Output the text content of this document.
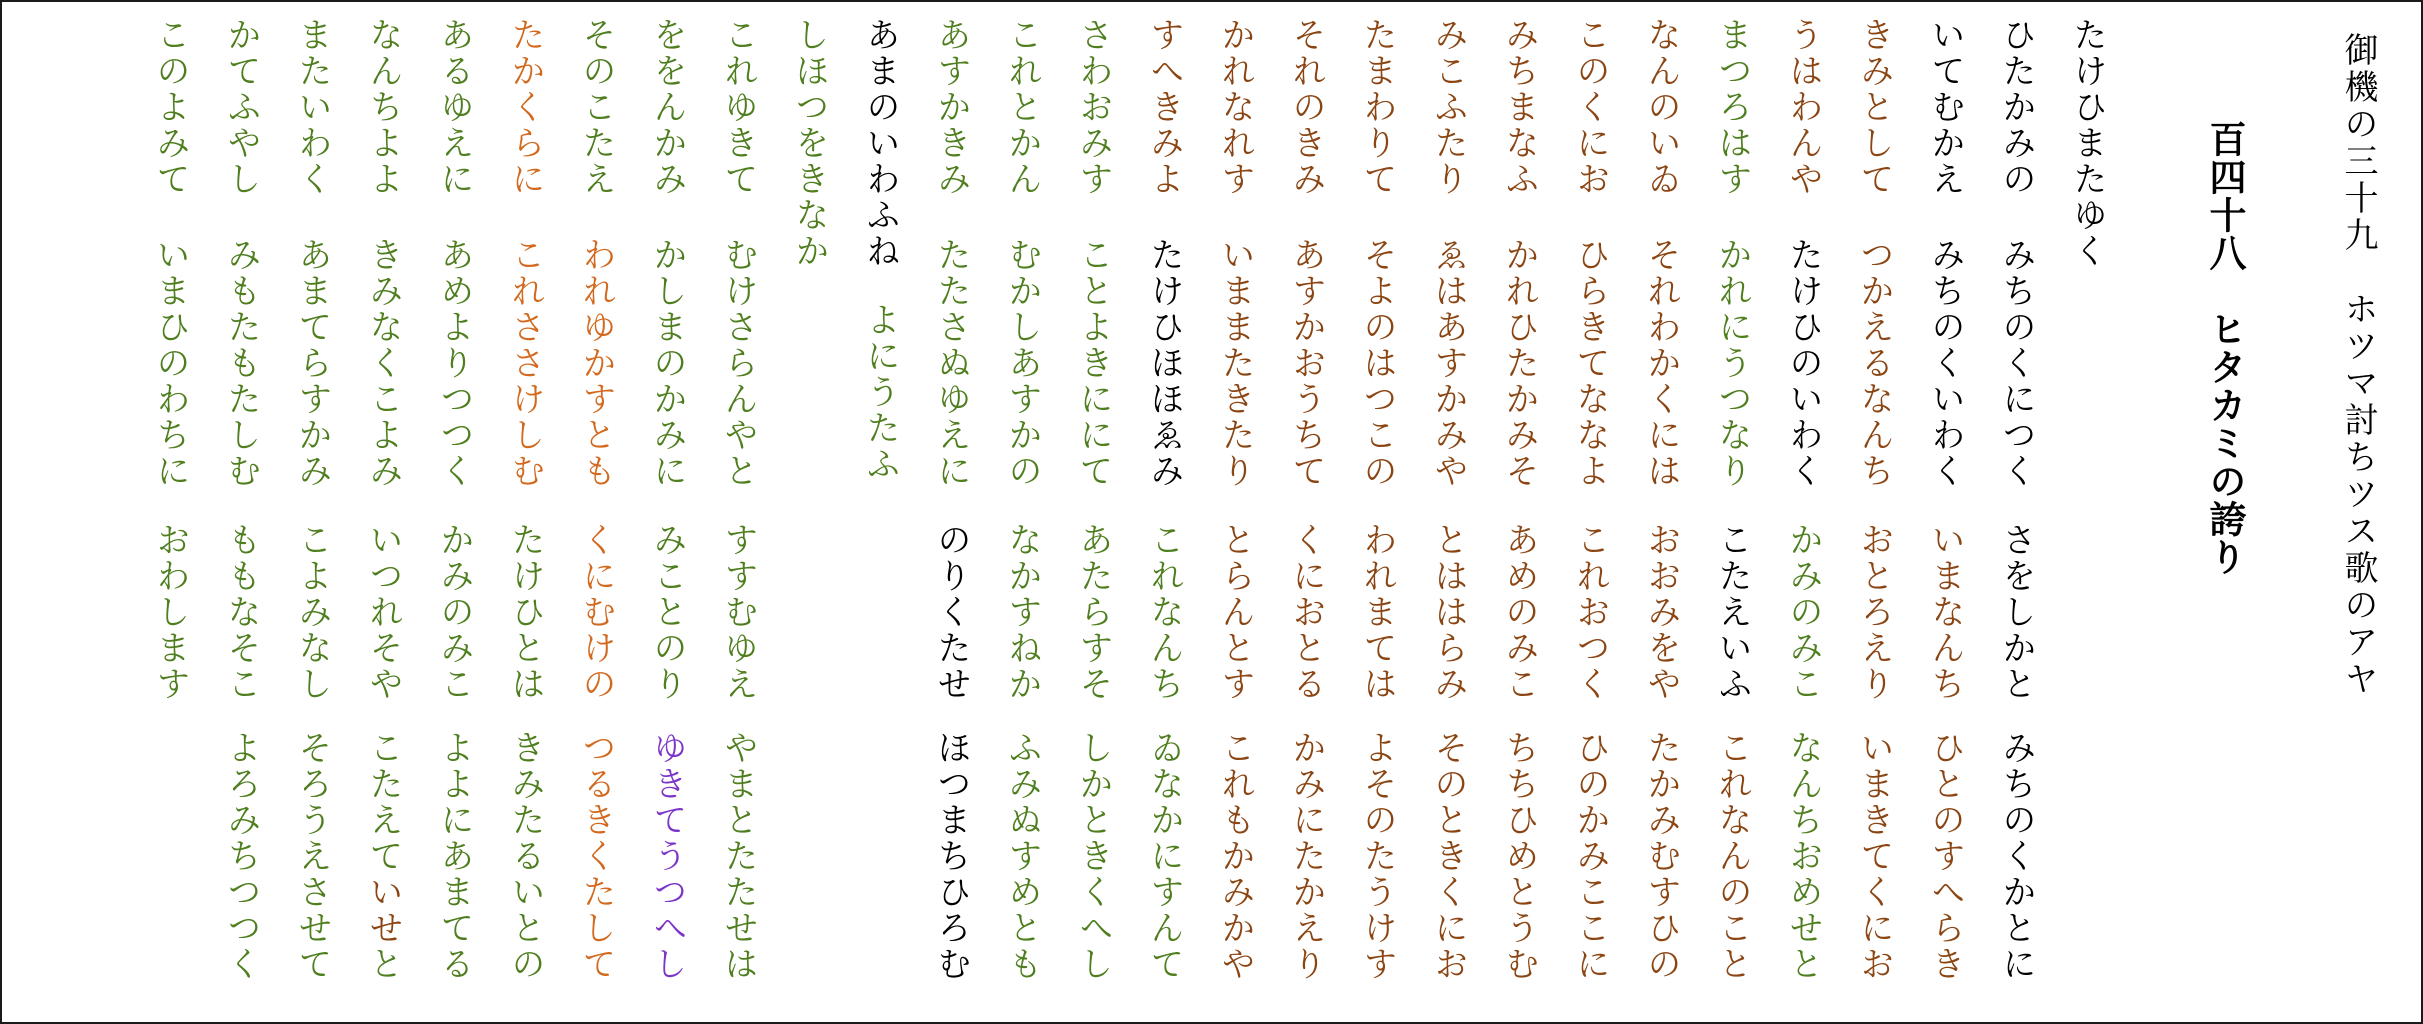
御機の三十九　ホツマ討ちツス歌のアヤ
百四十八　ヒタカミの誇り
たけひまたゆく
ひたかみの
みちのくにつく
さをしかと
みちのくかとに
いてむかえ
みちのくいわく
いまなんち
ひとのすへらき
きみとして
つかえるなんち
おとろえり
いまきてくにお
うはわんや
たけひのいわく
かみのみこ
なんちおめせと
まつろはす
かれにうつなり
こたえいふ
これなんのこと
なんのいゐ
それわかくには
おおみをや
たかみむすひの
このくにお
ひらきてななよ
これおつく
ひのかみここに
みちまなふ
かれひたかみそ
あめのみこ
ちちひめとうむ
みこふたり
ゑはあすかみや
とははらみ
そのときくにお
たまわりて
そよのはつこの
われまては
よそのたうけす
それのきみ
あすかおうちて
くにおとる
かみにたかえり
かれなれす
いままたきたり
とらんとす
これもかみかや
すへきみよ
たけひほほゑみ
これなんち
ゐなかにすんて
さわおみす
ことよきににて
あたらすそ
しかときくへし
これとかん
むかしあすかの
なかすねか
ふみぬすめとも
あすかきみ
たたさぬゆえに
のりくたせ
ほつまちひろむ
あまのいわふね
よにうたふ
しほつをきなか
これゆきて
むけさらんやと
すすむゆえ
やまとたたせは
ををんかみ
かしまのかみに
みことのり
ゆきてうつへし
そのこたえ
われゆかすとも
くにむけの
つるきくたして
たかくらに
これささけしむ
たけひとは
きみたるいとの
あるゆえに
あめよりつつく
かみのみこ
よよにあまてる
なんちよよ
きみなくこよみ
いつれそや
こたえていせと
またいわく
あまてらすかみ
こよみなし
そろうえさせて
かてふやし
みもたもたしむ
ももなそこ
よろみちつつく
このよみて
いまひのわちに
おわします
